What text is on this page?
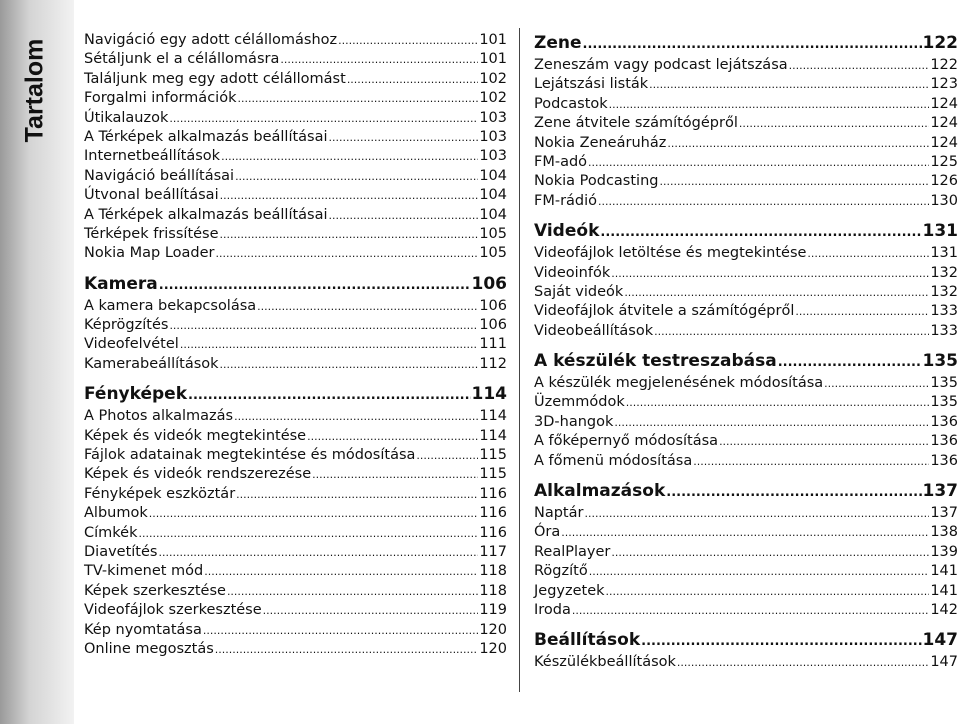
Tartalom Navigáció egy adott célállomáshoz .....	101
Sétáljunk el a célállomásra .....	101
Találjunk meg egy adott célállomást .....	102
Forgalmi információk .....	102
Útikalauzok .....	103
A Térképek alkalmazás beállításai .....	103
Internetbeállítások .....	103
Navigáció beállításai .....	104
Útvonal beállításai .....	104
A Térképek alkalmazás beállításai .....	104
Térképek frissítése .....	105
Nokia Map Loader .....	105
Kamera .....	106
A kamera bekapcsolása .....	106
Képrögzítés .....	106
Videofelvétel .....	111
Kamerabeállítások .....	112
Fényképek .....	114
A Photos alkalmazás .....	114
Képek és videók megtekintése .....	114
Fájlok adatainak megtekintése és módosítása .....	115
Képek és videók rendszerezése .....	115
Fényképek eszköztár .....	116
Albumok .....	116
Címkék .....	116
Diavetítés .....	117
TV-kimenet mód .....	118
Képek szerkesztése .....	118
Videofájlok szerkesztése .....	119
Kép nyomtatása .....	120
Online megosztás .....	120
Zene .....	122
Zeneszám vagy podcast lejátszása .....	122
Lejátszási listák .....	123
Podcastok .....	124
Zene átvitele számítógépről .....	124
Nokia Zeneáruház .....	124
FM-adó .....	125
Nokia Podcasting .....	126
FM-rádió .....	130
Videók .....	131
Videofájlok letöltése és megtekintése .....	131
Videoinfók .....	132
Saját videók .....	132
Videofájlok átvitele a számítógépről .....	133
Videobeállítások .....	133
A készülék testreszabása .....	135
A készülék megjelenésének módosítása .....	135
Üzemmódok .....	135
3D-hangok .....	136
A főképernyő módosítása .....	136
A főmenü módosítása .....	136
Alkalmazások .....	137
Naptár .....	137
Óra .....	138
RealPlayer .....	139
Rögzítő .....	141
Jegyzetek .....	141
Iroda .....	142
Beállítások .....	147
Készülékbeállítások .....	147
